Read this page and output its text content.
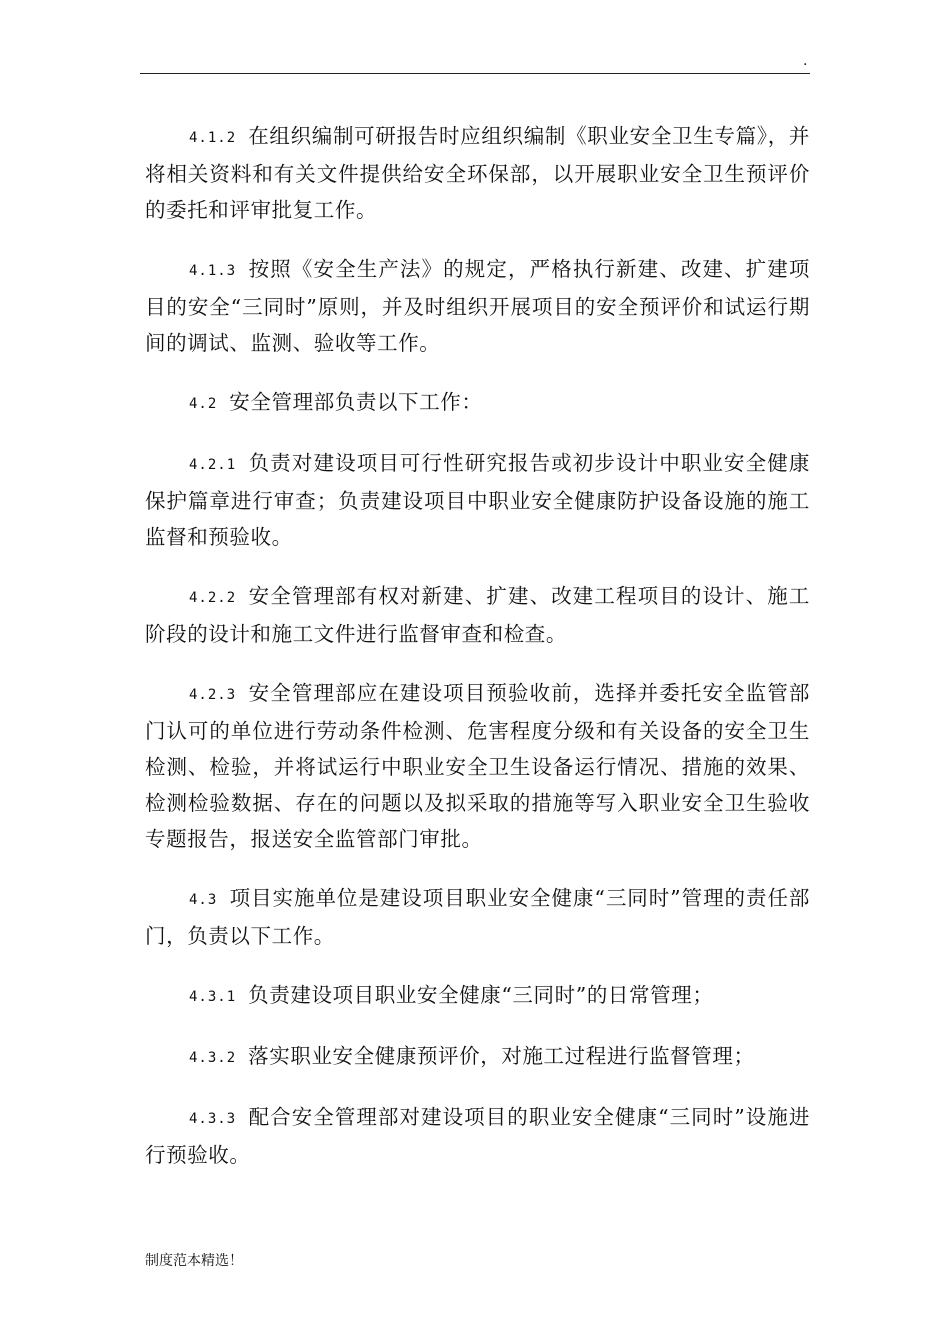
.

4.1.2 在组织编制可研报告时应组织编制《职业安全卫生专篇》，并将相关资料和有关文件提供给安全环保部，以开展职业安全卫生预评价的委托和评审批复工作。

4.1.3 按照《安全生产法》的规定，严格执行新建、改建、扩建项目的安全“三同时”原则，并及时组织开展项目的安全预评价和试运行期间的调试、监测、验收等工作。

4.2 安全管理部负责以下工作：

4.2.1 负责对建设项目可行性研究报告或初步设计中职业安全健康保护篇章进行审查；负责建设项目中职业安全健康防护设备设施的施工监督和预验收。

4.2.2 安全管理部有权对新建、扩建、改建工程项目的设计、施工阶段的设计和施工文件进行监督审查和检查。

4.2.3 安全管理部应在建设项目预验收前，选择并委托安全监管部门认可的单位进行劳动条件检测、危害程度分级和有关设备的安全卫生检测、检验，并将试运行中职业安全卫生设备运行情况、措施的效果、检测检验数据、存在的问题以及拟采取的措施等写入职业安全卫生验收专题报告，报送安全监管部门审批。

4.3 项目实施单位是建设项目职业安全健康“三同时”管理的责任部门，负责以下工作。

4.3.1 负责建设项目职业安全健康“三同时”的日常管理；

4.3.2 落实职业安全健康预评价，对施工过程进行监督管理；

4.3.3 配合安全管理部对建设项目的职业安全健康“三同时”设施进行预验收。

制度范本精选！
